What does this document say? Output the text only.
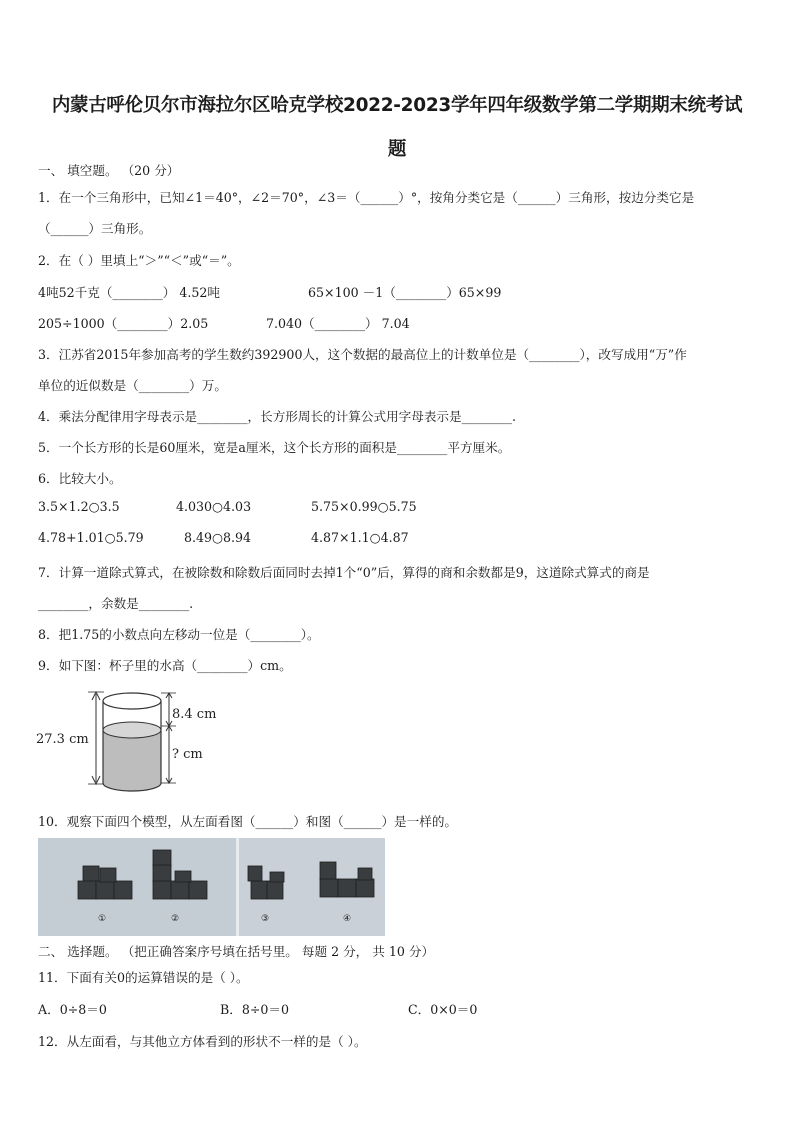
内蒙古呼伦贝尔市海拉尔区哈克学校2022-2023学年四年级数学第二学期期末统考试
题
一、 填空题。 （20 分）
1．在一个三角形中，已知∠1＝40°，∠2＝70°，∠3＝（______）°，按角分类它是（______）三角形，按边分类它是
（______）三角形。
2．在（ ）里填上“＞”“＜”或“＝”。
4吨52千克（________） 4.52吨	65×100 －1（________）65×99
205÷1000（________）2.05	7.040（________） 7.04
3．江苏省2015年参加高考的学生数约392900人，这个数据的最高位上的计数单位是（________），改写成用“万”作
单位的近似数是（________）万。
4．乘法分配律用字母表示是________，长方形周长的计算公式用字母表示是________.
5．一个长方形的长是60厘米，宽是a厘米，这个长方形的面积是________平方厘米。
6．比较大小。
3.5×1.2○3.5	4.030○4.03	5.75×0.99○5.75
4.78+1.01○5.79	8.49○8.94	4.87×1.1○4.87
7．计算一道除式算式，在被除数和除数后面同时去掉1个“0”后，算得的商和余数都是9，这道除式算式的商是
________，余数是________.
8．把1.75的小数点向左移动一位是（________）。
9．如下图：杯子里的水高（________）cm。
27.3 cm
8.4 cm
? cm
10．观察下面四个模型，从左面看图（______）和图（______）是一样的。
①	②	③	④
二、 选择题。 （把正确答案序号填在括号里。 每题 2 分， 共 10 分）
11．下面有关0的运算错误的是（ ）。
A．0÷8＝0	B．8÷0＝0	C．0×0＝0
12．从左面看，与其他立方体看到的形状不一样的是（ ）。
